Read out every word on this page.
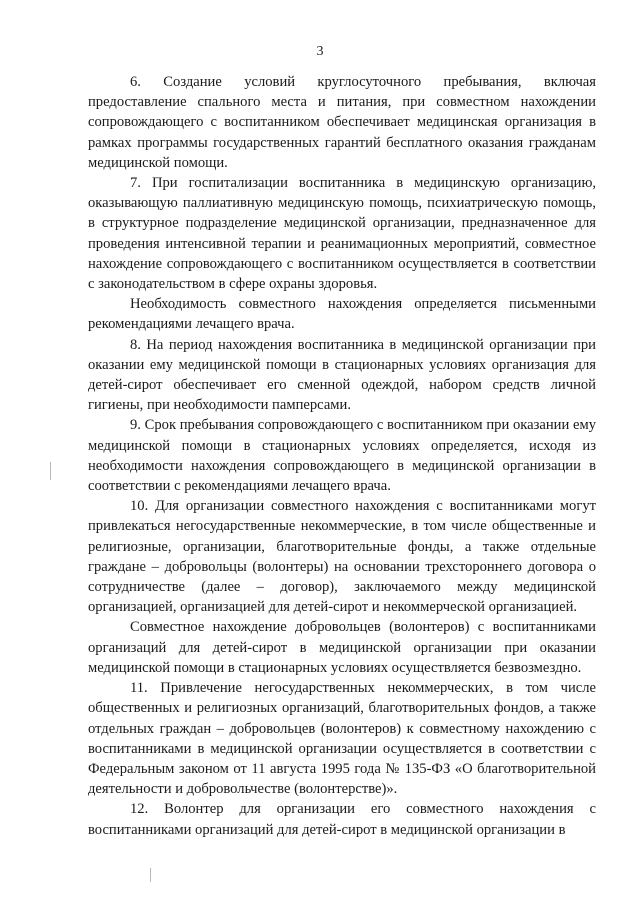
3

6. Создание условий круглосуточного пребывания, включая предоставление спального места и питания, при совместном нахождении сопровождающего с воспитанником обеспечивает медицинская организация в рамках программы государственных гарантий бесплатного оказания гражданам медицинской помощи.

7. При госпитализации воспитанника в медицинскую организацию, оказывающую паллиативную медицинскую помощь, психиатрическую помощь, в структурное подразделение медицинской организации, предназначенное для проведения интенсивной терапии и реанимационных мероприятий, совместное нахождение сопровождающего с воспитанником осуществляется в соответствии с законодательством в сфере охраны здоровья.

Необходимость совместного нахождения определяется письменными рекомендациями лечащего врача.

8. На период нахождения воспитанника в медицинской организации при оказании ему медицинской помощи в стационарных условиях организация для детей-сирот обеспечивает его сменной одеждой, набором средств личной гигиены, при необходимости памперсами.

9. Срок пребывания сопровождающего с воспитанником при оказании ему медицинской помощи в стационарных условиях определяется, исходя из необходимости нахождения сопровождающего в медицинской организации в соответствии с рекомендациями лечащего врача.

10. Для организации совместного нахождения с воспитанниками могут привлекаться негосударственные некоммерческие, в том числе общественные и религиозные, организации, благотворительные фонды, а также отдельные граждане – добровольцы (волонтеры) на основании трехстороннего договора о сотрудничестве (далее – договор), заключаемого между медицинской организацией, организацией для детей-сирот и некоммерческой организацией.

Совместное нахождение добровольцев (волонтеров) с воспитанниками организаций для детей-сирот в медицинской организации при оказании медицинской помощи в стационарных условиях осуществляется безвозмездно.

11. Привлечение негосударственных некоммерческих, в том числе общественных и религиозных организаций, благотворительных фондов, а также отдельных граждан – добровольцев (волонтеров) к совместному нахождению с воспитанниками в медицинской организации осуществляется в соответствии с Федеральным законом от 11 августа 1995 года № 135-ФЗ «О благотворительной деятельности и добровольчестве (волонтерстве)».

12. Волонтер для организации его совместного нахождения с воспитанниками организаций для детей-сирот в медицинской организации в
